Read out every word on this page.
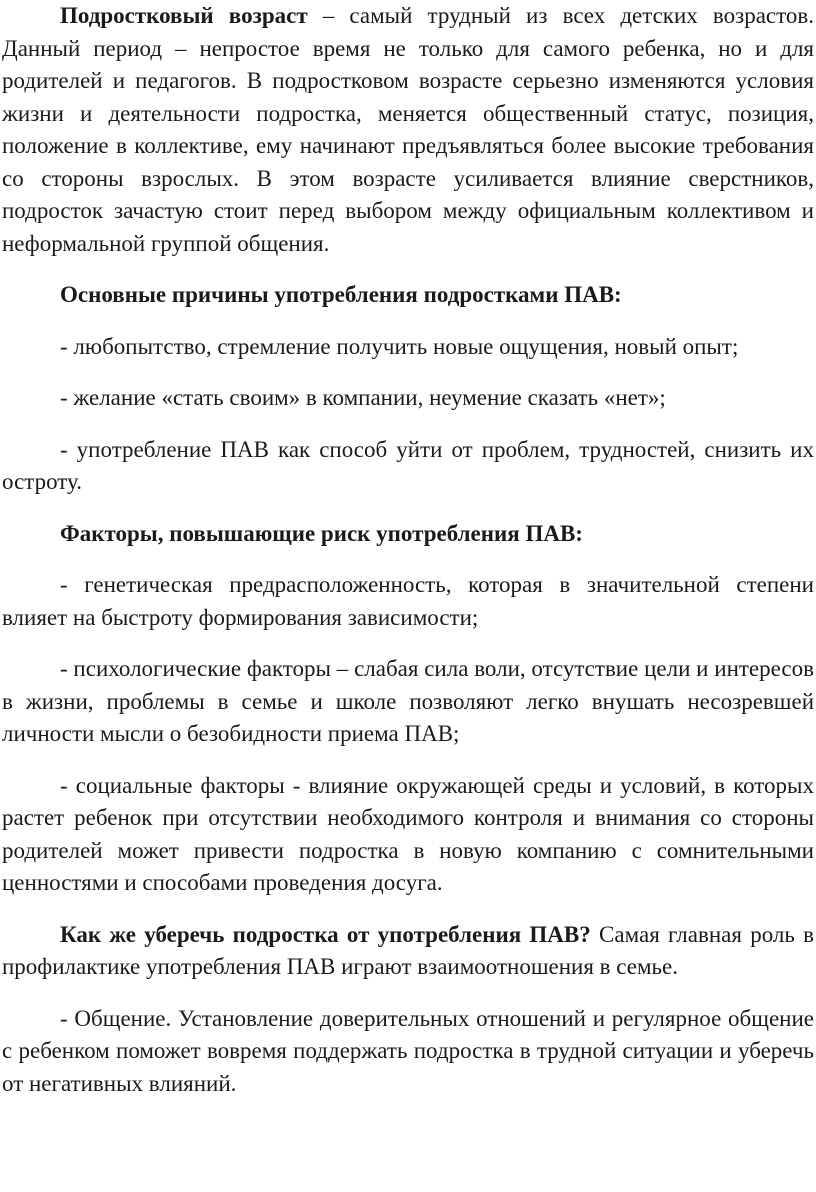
Подростковый возраст – самый трудный из всех детских возрастов. Данный период – непростое время не только для самого ребенка, но и для родителей и педагогов. В подростковом возрасте серьезно изменяются условия жизни и деятельности подростка, меняется общественный статус, позиция, положение в коллективе, ему начинают предъявляться более высокие требования со стороны взрослых. В этом возрасте усиливается влияние сверстников, подросток зачастую стоит перед выбором между официальным коллективом и неформальной группой общения.

Основные причины употребления подростками ПАВ:

- любопытство, стремление получить новые ощущения, новый опыт;

- желание «стать своим» в компании, неумение сказать «нет»;

- употребление ПАВ как способ уйти от проблем, трудностей, снизить их остроту.

Факторы, повышающие риск употребления ПАВ:

- генетическая предрасположенность, которая в значительной степени влияет на быстроту формирования зависимости;

- психологические факторы – слабая сила воли, отсутствие цели и интересов в жизни, проблемы в семье и школе позволяют легко внушать несозревшей личности мысли о безобидности приема ПАВ;

- социальные факторы - влияние окружающей среды и условий, в которых растет ребенок при отсутствии необходимого контроля и внимания со стороны родителей может привести подростка в новую компанию с сомнительными ценностями и способами проведения досуга.

Как же уберечь подростка от употребления ПАВ? Самая главная роль в профилактике употребления ПАВ играют взаимоотношения в семье.

- Общение. Установление доверительных отношений и регулярное общение с ребенком поможет вовремя поддержать подростка в трудной ситуации и уберечь от негативных влияний.
